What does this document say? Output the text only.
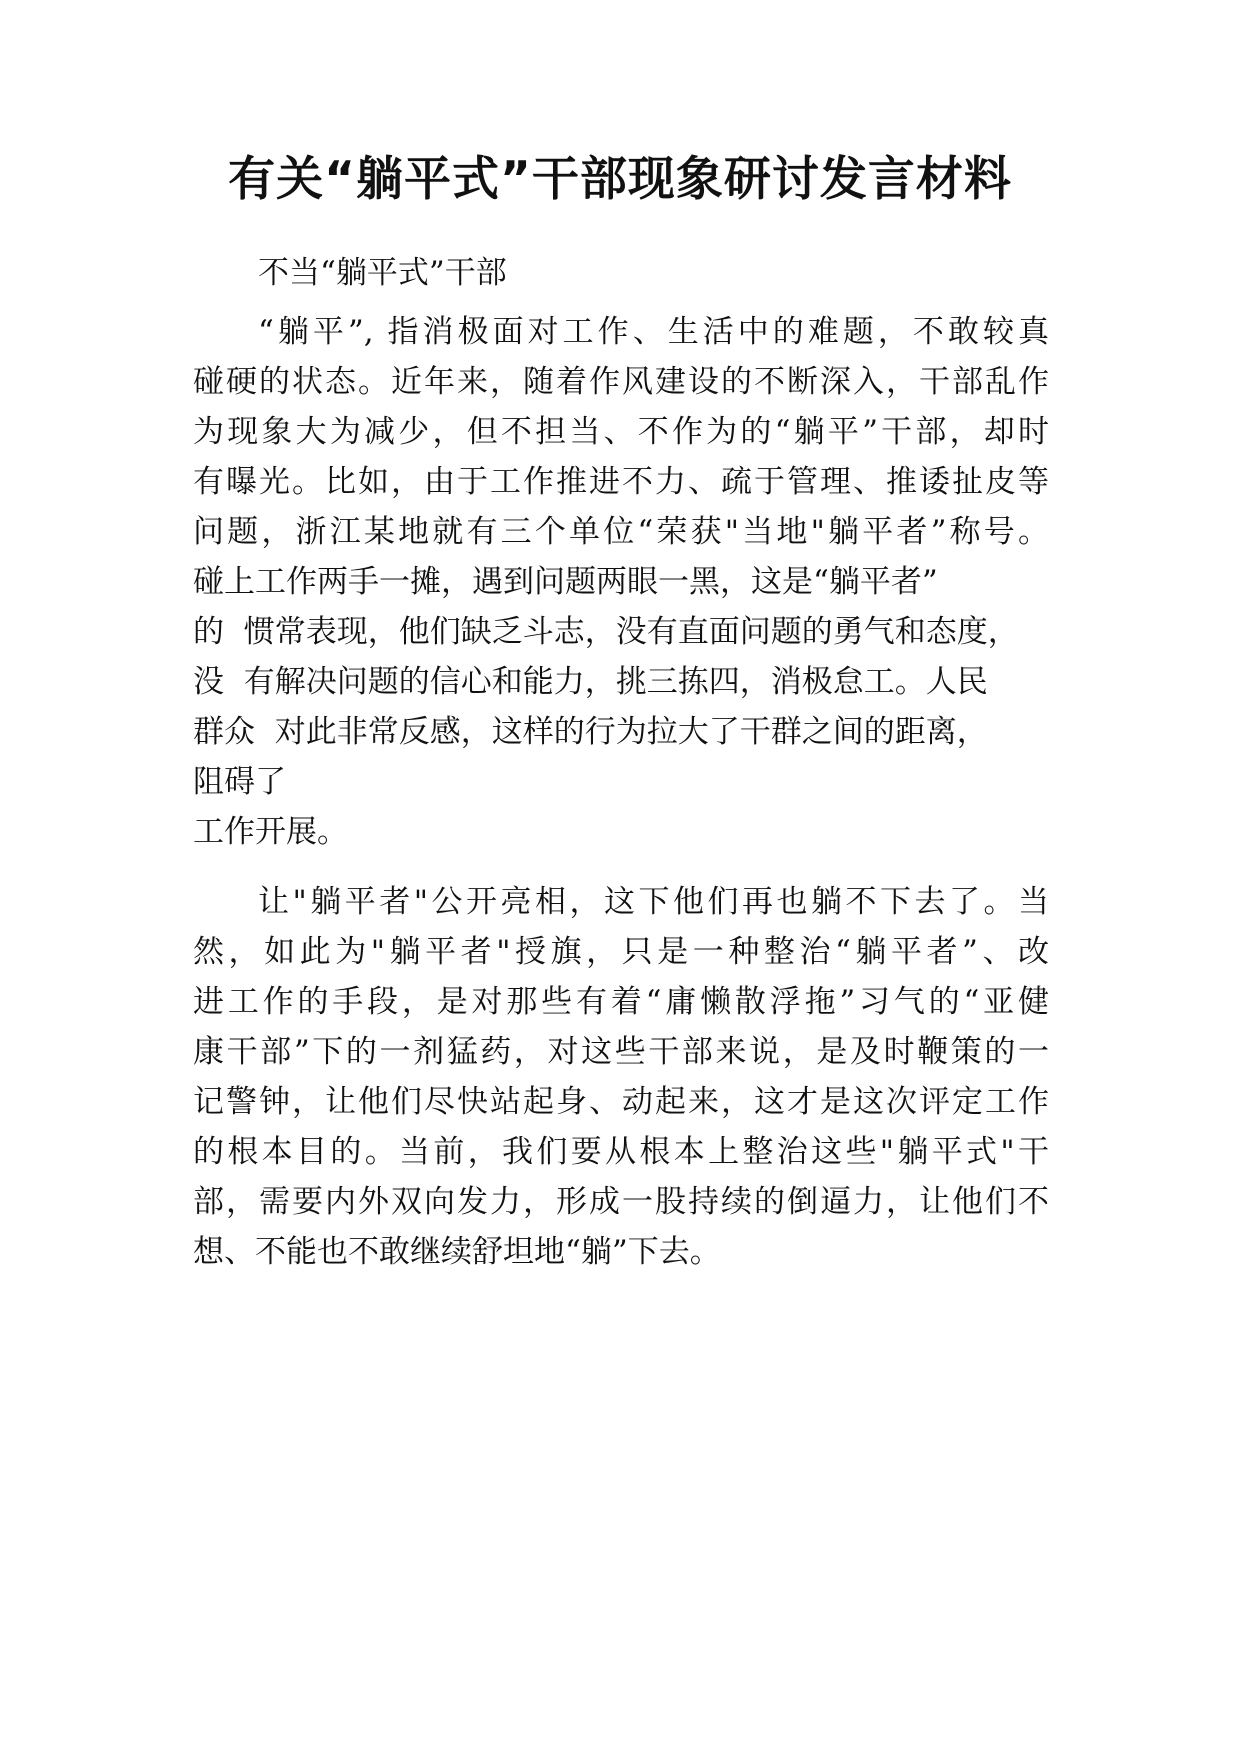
有关“躺平式”干部现象研讨发言材料
不当“躺平式”干部
“躺平”, 指消极面对工作、生活中的难题，不敢较真
碰硬的状态。近年来，随着作风建设的不断深入，干部乱作
为现象大为减少，但不担当、不作为的“躺平”干部，却时
有曝光。比如，由于工作推进不力、疏于管理、推诿扯皮等
问题，浙江某地就有三个单位“荣获"当地"躺平者”称号。
碰上工作两手一摊，遇到问题两眼一黑，这是“躺平者”
的  惯常表现，他们缺乏斗志，没有直面问题的勇气和态度，
没  有解决问题的信心和能力，挑三拣四，消极怠工。人民
群众  对此非常反感，这样的行为拉大了干群之间的距离，
阻碍了
工作开展。
让"躺平者"公开亮相，这下他们再也躺不下去了。当
然，如此为"躺平者"授旗，只是一种整治“躺平者”、改
进工作的手段，是对那些有着“庸懒散浮拖”习气的“亚健
康干部”下的一剂猛药，对这些干部来说，是及时鞭策的一
记警钟，让他们尽快站起身、动起来，这才是这次评定工作
的根本目的。当前，我们要从根本上整治这些"躺平式"干
部，需要内外双向发力，形成一股持续的倒逼力，让他们不
想、不能也不敢继续舒坦地“躺”下去。
